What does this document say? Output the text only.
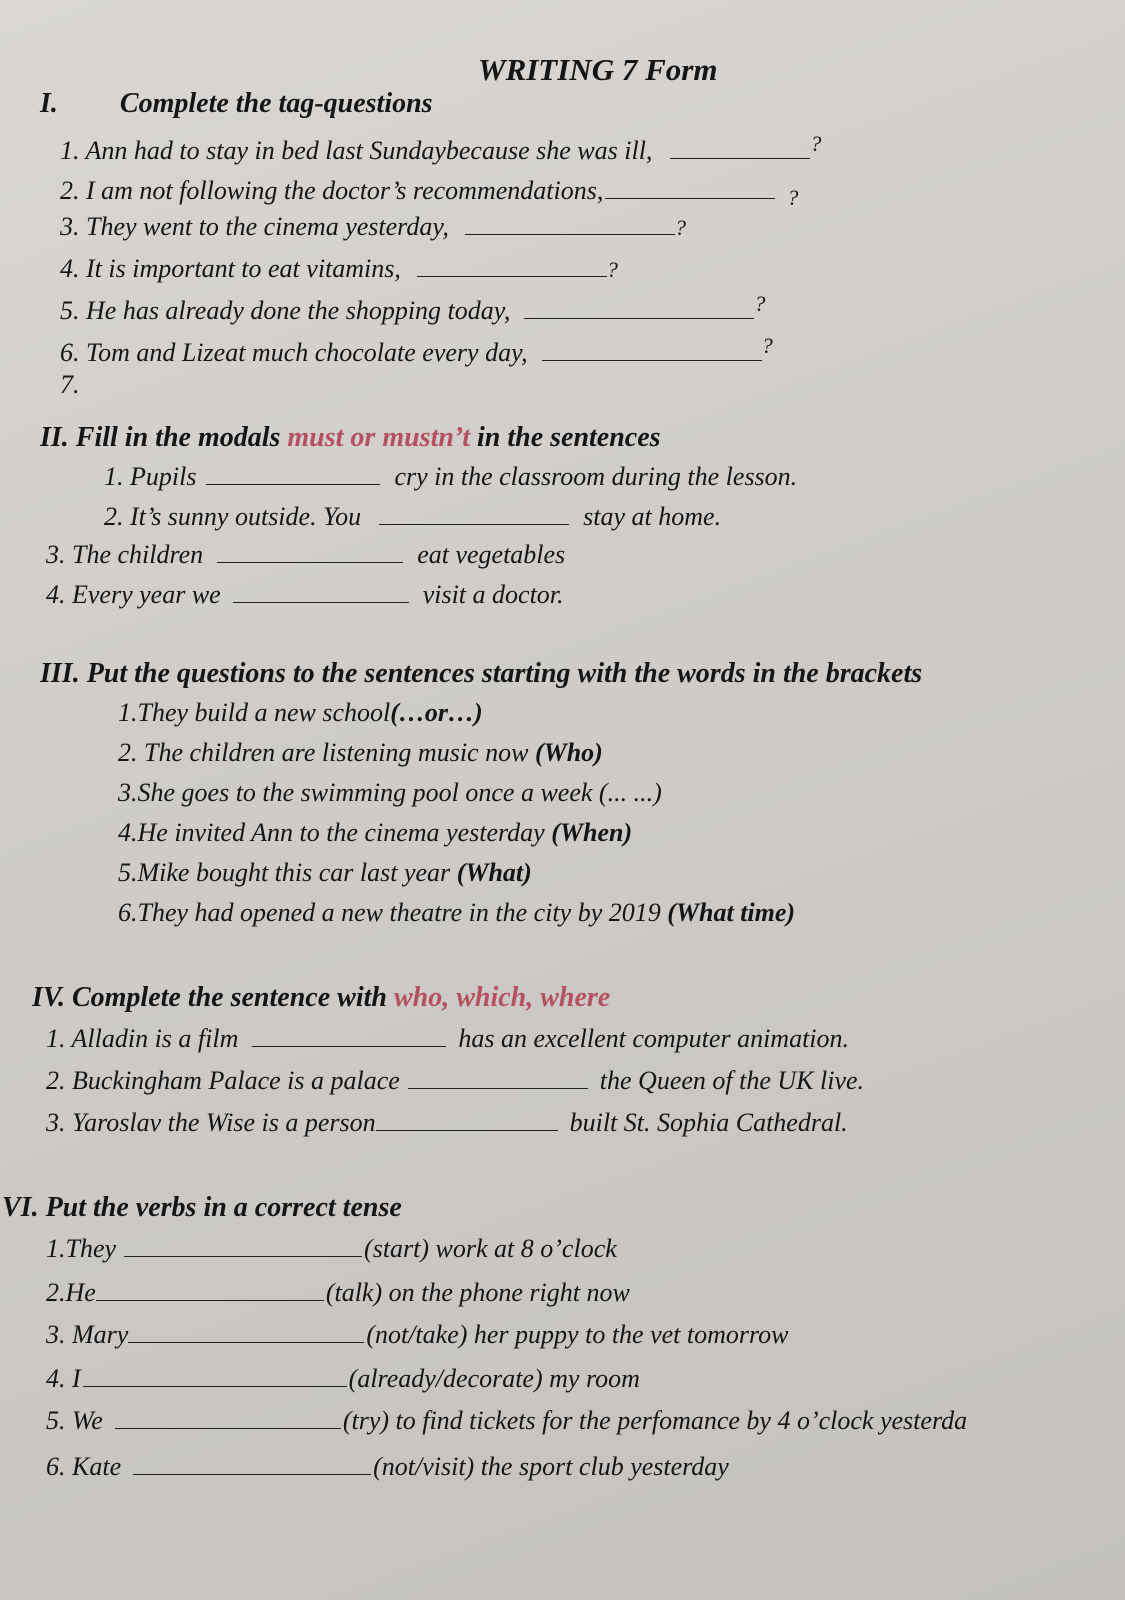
WRITING 7 Form
I. Complete the tag-questions
1. Ann had to stay in bed last Sundaybecause she was ill,	?
2. I am not following the doctor’s recommendations,	$_?$
3. They went to the cinema yesterday,	?
4. It is important to eat vitamins,	?
5. He has already done the shopping today,	?
6. Tom and Lizeat much chocolate every day,	?
7.
II. Fill in the modals must or mustn’t in the sentences
1. Pupils	cry in the classroom during the lesson.
2. It’s sunny outside. You	stay at home.
3. The children	eat vegetables
4. Every year we	visit a doctor.
III. Put the questions to the sentences starting with the words in the brackets
1.They build a new school(…or…)
2. The children are listening music now (Who)
3.She goes to the swimming pool once a week (... ...)
4.He invited Ann to the cinema yesterday (When)
5.Mike bought this car last year (What)
6.They had opened a new theatre in the city by 2019 (What time)
IV. Complete the sentence with who, which, where
1. Alladin is a film	has an excellent computer animation.
2. Buckingham Palace is a palace	the Queen of the UK live.
3. Yaroslav the Wise is a person	built St. Sophia Cathedral.
VI. Put the verbs in a correct tense
1.They	(start) work at 8 o’clock
2.He	(talk) on the phone right now
3. Mary	(not/take) her puppy to the vet tomorrow
4. I	(already/decorate) my room
5. We	(try) to find tickets for the perfomance by 4 o’clock yesterda
6. Kate	(not/visit) the sport club yesterday
